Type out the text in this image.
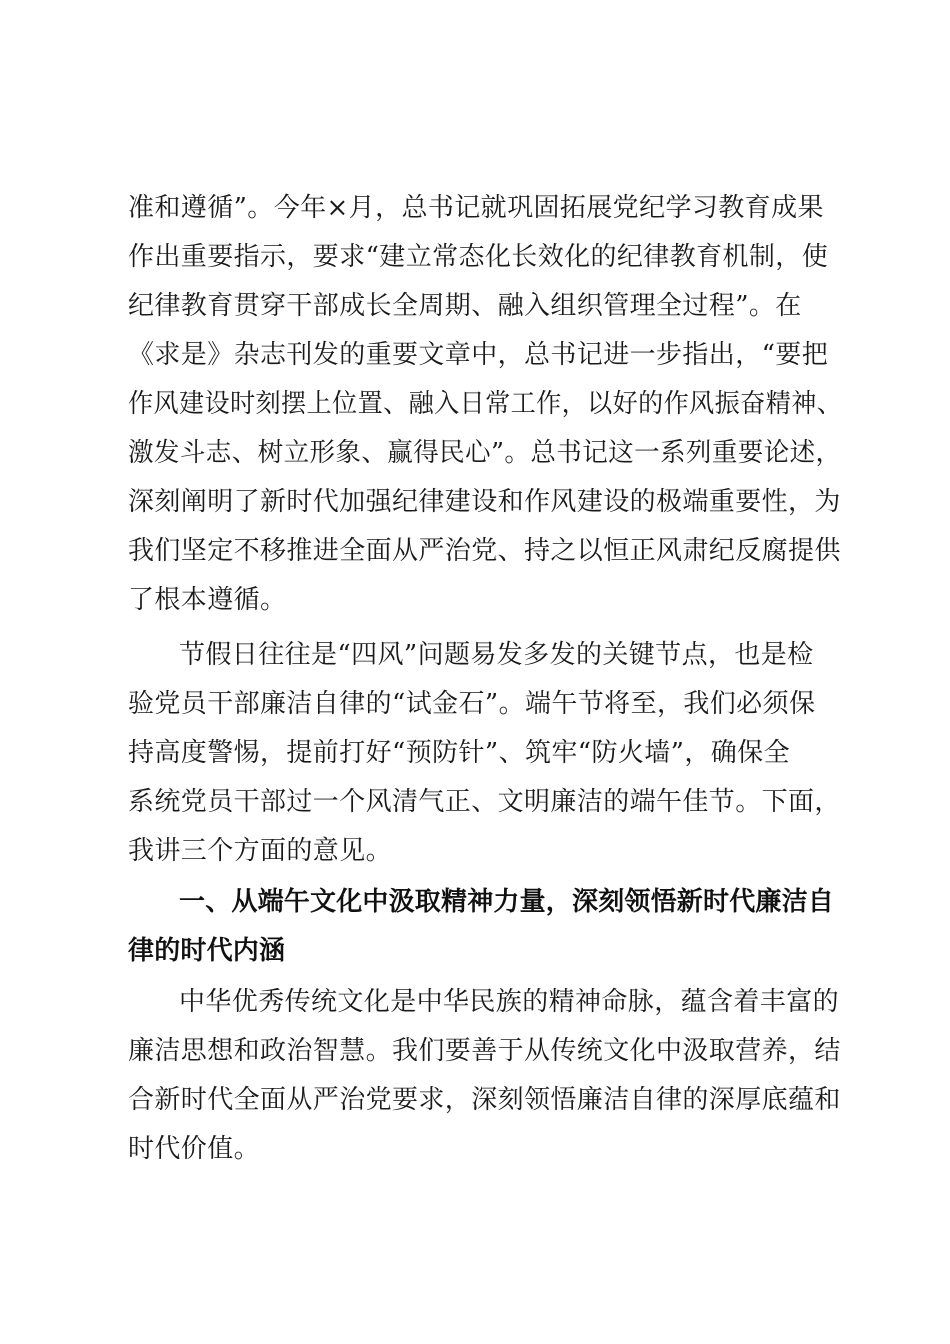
准和遵循”。今年×月，总书记就巩固拓展党纪学习教育成果
作出重要指示，要求“建立常态化长效化的纪律教育机制，使
纪律教育贯穿干部成长全周期、融入组织管理全过程”。在
《求是》杂志刊发的重要文章中，总书记进一步指出，“要把
作风建设时刻摆上位置、融入日常工作，以好的作风振奋精神、
激发斗志、树立形象、赢得民心”。总书记这一系列重要论述，
深刻阐明了新时代加强纪律建设和作风建设的极端重要性，为
我们坚定不移推进全面从严治党、持之以恒正风肃纪反腐提供
了根本遵循。
节假日往往是“四风”问题易发多发的关键节点，也是检
验党员干部廉洁自律的“试金石”。端午节将至，我们必须保
持高度警惕，提前打好“预防针”、筑牢“防火墙”，确保全
系统党员干部过一个风清气正、文明廉洁的端午佳节。下面，
我讲三个方面的意见。
一、从端午文化中汲取精神力量，深刻领悟新时代廉洁自
律的时代内涵
中华优秀传统文化是中华民族的精神命脉，蕴含着丰富的
廉洁思想和政治智慧。我们要善于从传统文化中汲取营养，结
合新时代全面从严治党要求，深刻领悟廉洁自律的深厚底蕴和
时代价值。
